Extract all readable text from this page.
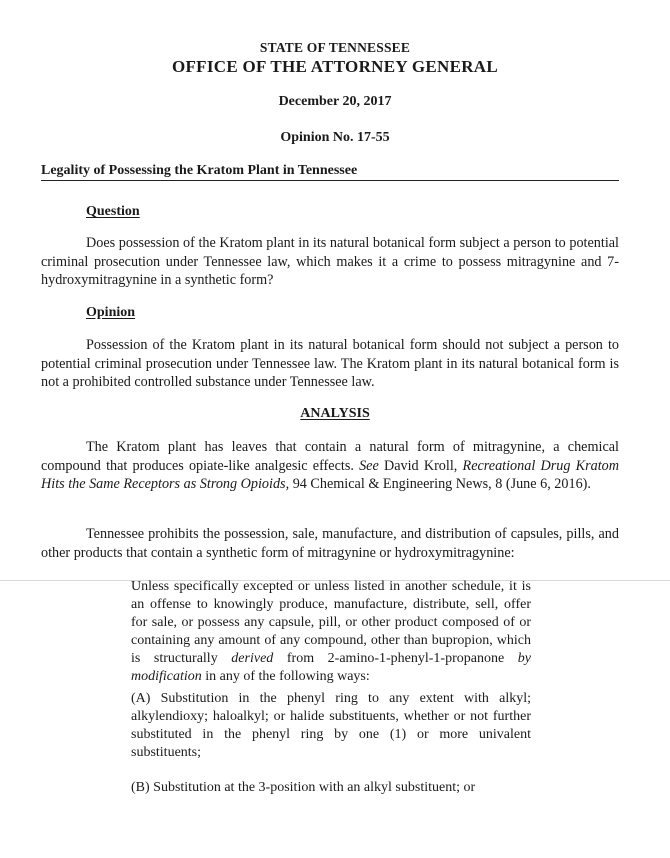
STATE OF TENNESSEE
OFFICE OF THE ATTORNEY GENERAL
December 20, 2017
Opinion No. 17-55
Legality of Possessing the Kratom Plant in Tennessee
Question

Does possession of the Kratom plant in its natural botanical form subject a person to potential criminal prosecution under Tennessee law, which makes it a crime to possess mitragynine and 7-hydroxymitragynine in a synthetic form?

Opinion

Possession of the Kratom plant in its natural botanical form should not subject a person to potential criminal prosecution under Tennessee law. The Kratom plant in its natural botanical form is not a prohibited controlled substance under Tennessee law.

ANALYSIS

The Kratom plant has leaves that contain a natural form of mitragynine, a chemical compound that produces opiate-like analgesic effects. See David Kroll, Recreational Drug Kratom Hits the Same Receptors as Strong Opioids, 94 Chemical & Engineering News, 8 (June 6, 2016).

Tennessee prohibits the possession, sale, manufacture, and distribution of capsules, pills, and other products that contain a synthetic form of mitragynine or hydroxymitragynine:

Unless specifically excepted or unless listed in another schedule, it is an offense to knowingly produce, manufacture, distribute, sell, offer for sale, or possess any capsule, pill, or other product composed of or containing any amount of any compound, other than bupropion, which is structurally derived from 2-amino-1-phenyl-1-propanone by modification in any of the following ways:

(A) Substitution in the phenyl ring to any extent with alkyl; alkylendioxy; haloalkyl; or halide substituents, whether or not further substituted in the phenyl ring by one (1) or more univalent substituents;

(B) Substitution at the 3-position with an alkyl substituent; or
